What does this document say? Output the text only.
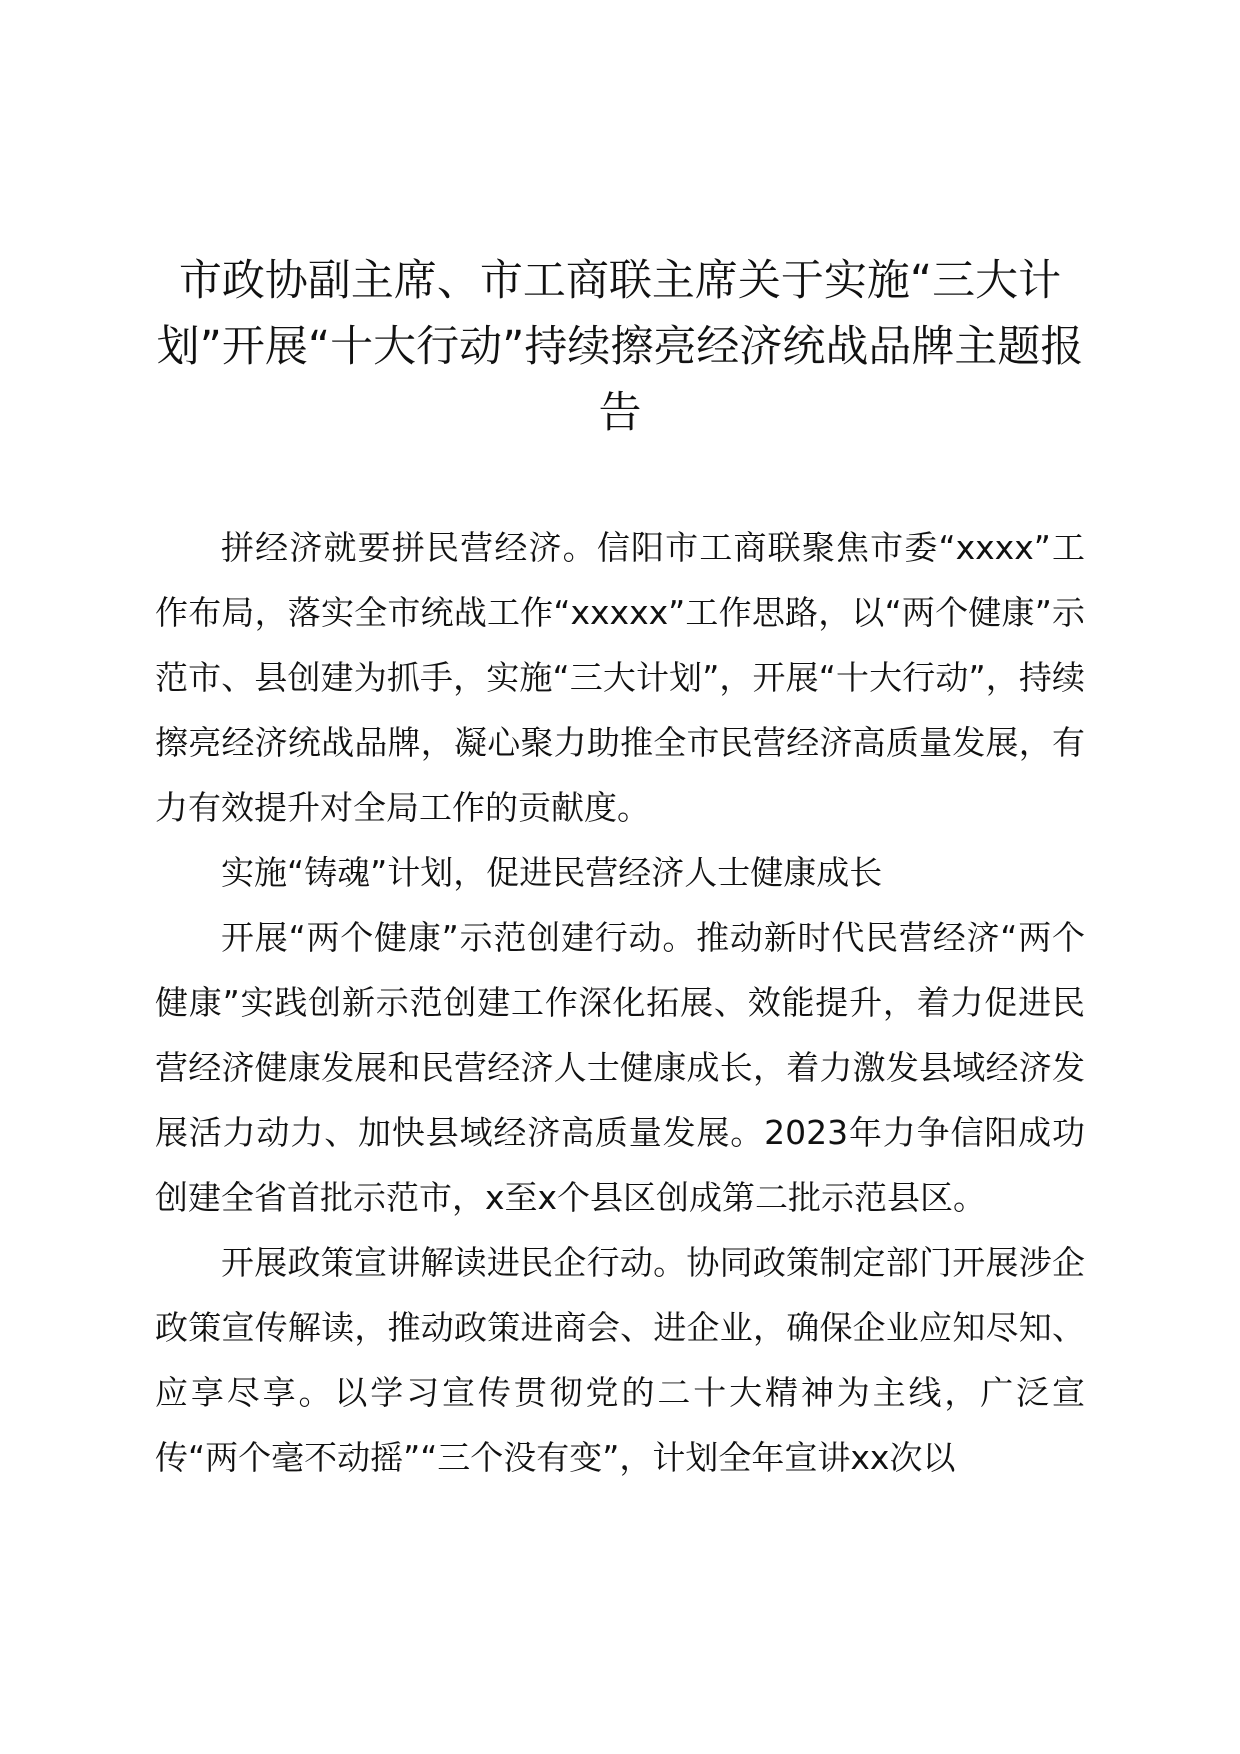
市政协副主席、市工商联主席关于实施“三大计划”开展“十大行动”持续擦亮经济统战品牌主题报告

拼经济就要拼民营经济。信阳市工商联聚焦市委“xxxx”工作布局，落实全市统战工作“xxxxx”工作思路，以“两个健康”示范市、县创建为抓手，实施“三大计划”，开展“十大行动”，持续擦亮经济统战品牌，凝心聚力助推全市民营经济高质量发展，有力有效提升对全局工作的贡献度。

实施“铸魂”计划，促进民营经济人士健康成长

开展“两个健康”示范创建行动。推动新时代民营经济“两个健康”实践创新示范创建工作深化拓展、效能提升，着力促进民营经济健康发展和民营经济人士健康成长，着力激发县域经济发展活力动力、加快县域经济高质量发展。2023年力争信阳成功创建全省首批示范市，x至x个县区创成第二批示范县区。

开展政策宣讲解读进民企行动。协同政策制定部门开展涉企政策宣传解读，推动政策进商会、进企业，确保企业应知尽知、应享尽享。以学习宣传贯彻党的二十大精神为主线，广泛宣传“两个毫不动摇”“三个没有变”，计划全年宣讲xx次以
